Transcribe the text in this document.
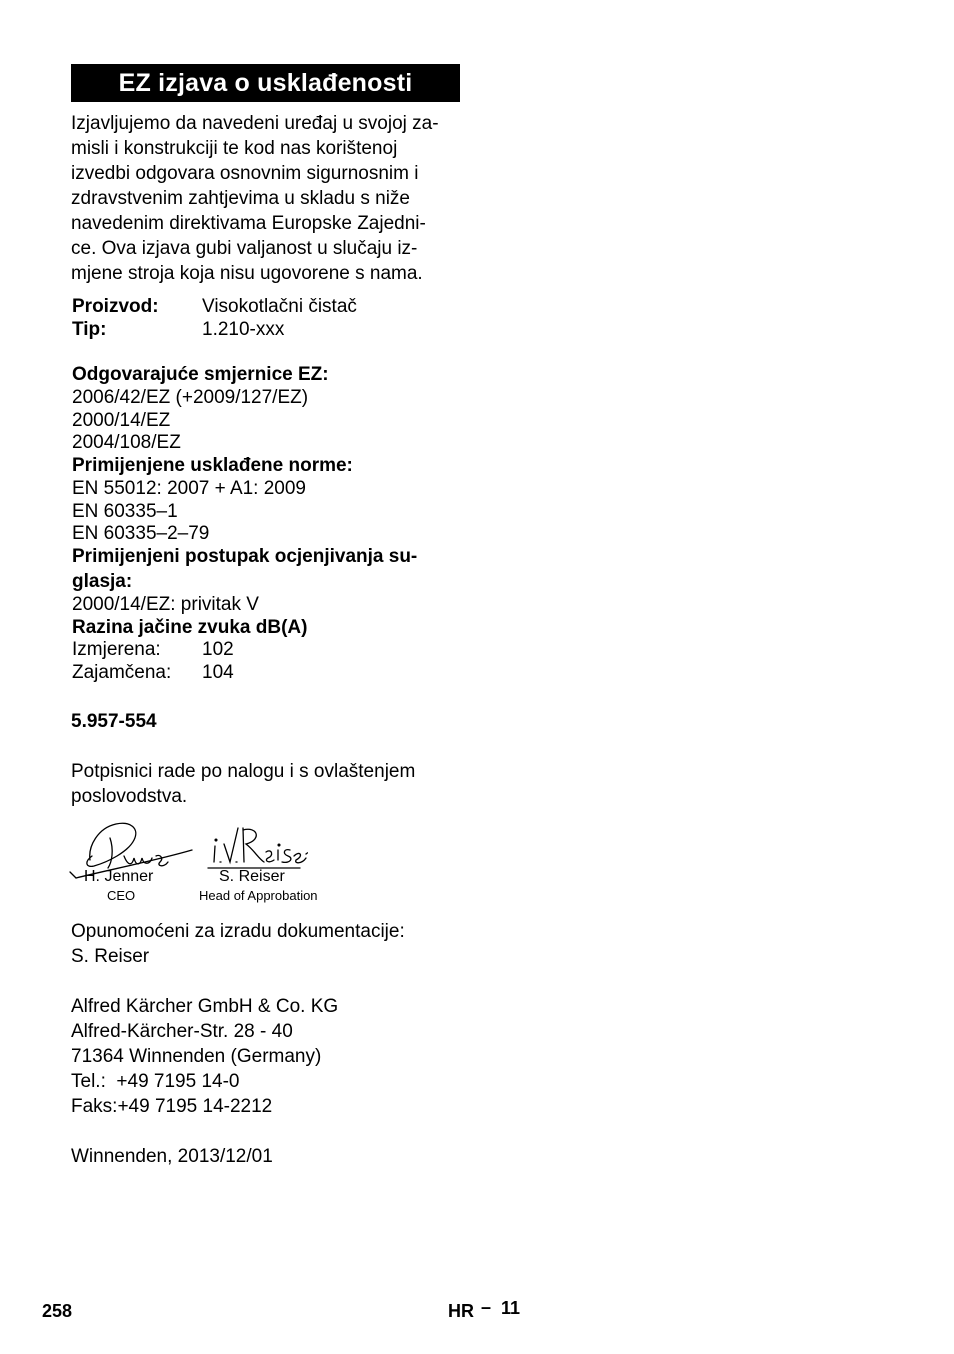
EZ izjava o usklađenosti
Izjavljujemo da navedeni uređaj u svojoj za-
misli i konstrukciji te kod nas korištenoj
izvedbi odgovara osnovnim sigurnosnim i
zdravstvenim zahtjevima u skladu s niže
navedenim direktivama Europske Zajedni-
ce. Ova izjava gubi valjanost u slučaju iz-
mjene stroja koja nisu ugovorene s nama.
Proizvod: Visokotlačni čistač
Tip:	1.210-xxx
Odgovarajuće smjernice EZ:
2006/42/EZ (+2009/127/EZ)
2000/14/EZ
2004/108/EZ
Primijenjene usklađene norme:
EN 55012: 2007 + A1: 2009
EN 60335–1
EN 60335–2–79
Primijenjeni postupak ocjenjivanja su-
glasja:
2000/14/EZ: privitak V
Razina jačine zvuka dB(A)
Izmjerena: 102
Zajamčena: 104
5.957-554
Potpisnici rade po nalogu i s ovlaštenjem
poslovodstva.
H. Jenner
CEO
S. Reiser
Head of Approbation
Opunomoćeni za izradu dokumentacije:
S. Reiser
Alfred Kärcher GmbH & Co. KG
Alfred-Kärcher-Str. 28 - 40
71364 Winnenden (Germany)
Tel.:  +49 7195 14-0
Faks:+49 7195 14-2212
Winnenden, 2013/12/01
258	HR – 11
